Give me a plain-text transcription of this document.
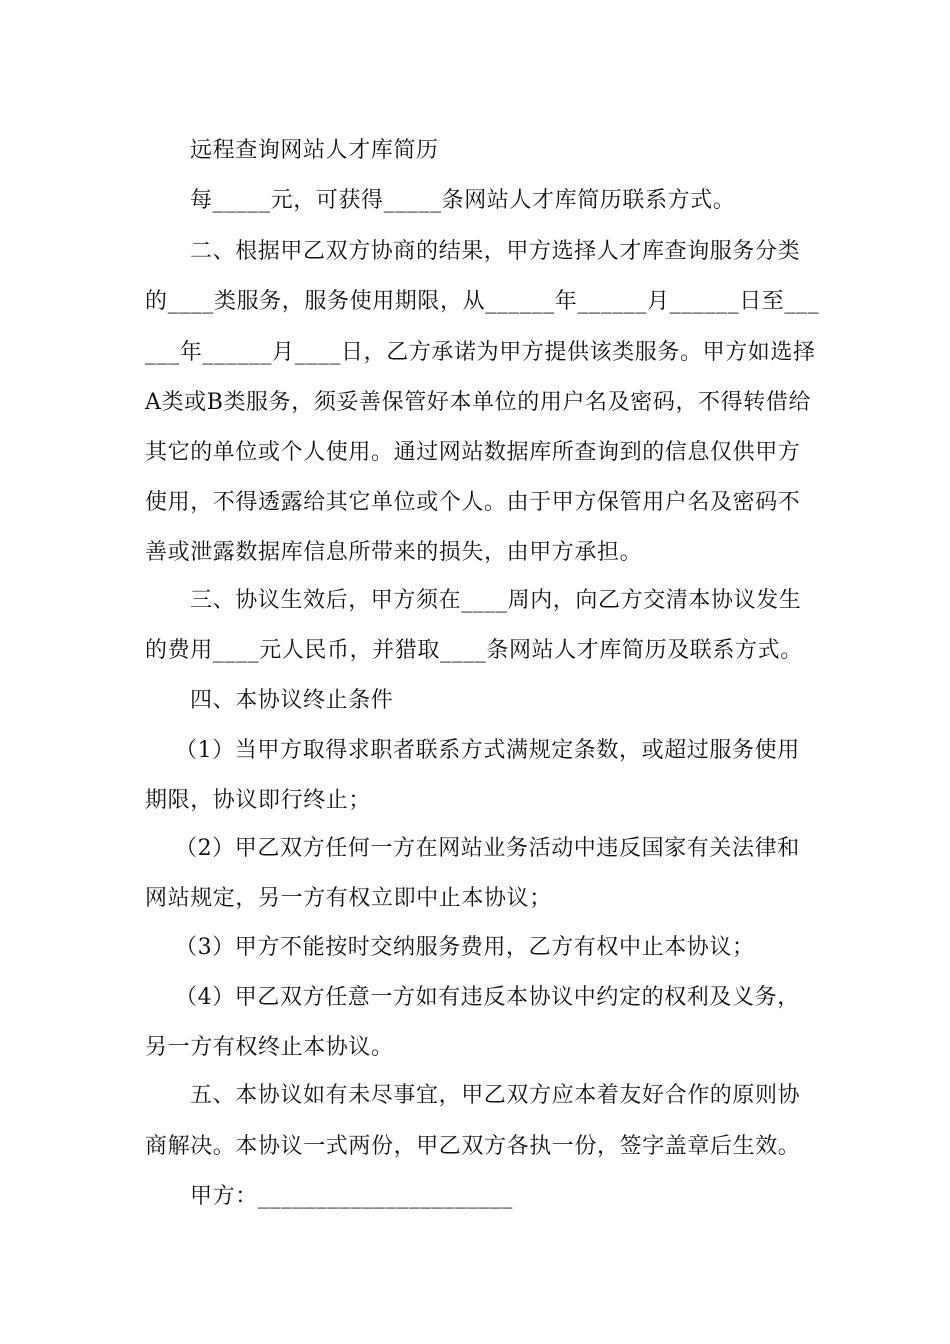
远程查询网站人才库简历
每_____元，可获得_____条网站人才库简历联系方式。
二、根据甲乙双方协商的结果，甲方选择人才库查询服务分类
的____类服务，服务使用期限，从______年______月______日至___
___年______月____日，乙方承诺为甲方提供该类服务。甲方如选择
A类或B类服务，须妥善保管好本单位的用户名及密码，不得转借给
其它的单位或个人使用。通过网站数据库所查询到的信息仅供甲方
使用，不得透露给其它单位或个人。由于甲方保管用户名及密码不
善或泄露数据库信息所带来的损失，由甲方承担。
三、协议生效后，甲方须在____周内，向乙方交清本协议发生
的费用____元人民币，并猎取____条网站人才库简历及联系方式。
四、本协议终止条件
（1）当甲方取得求职者联系方式满规定条数，或超过服务使用
期限，协议即行终止；
（2）甲乙双方任何一方在网站业务活动中违反国家有关法律和
网站规定，另一方有权立即中止本协议；
（3）甲方不能按时交纳服务费用，乙方有权中止本协议；
（4）甲乙双方任意一方如有违反本协议中约定的权利及义务，
另一方有权终止本协议。
五、本协议如有未尽事宜，甲乙双方应本着友好合作的原则协
商解决。本协议一式两份，甲乙双方各执一份，签字盖章后生效。
甲方：______________________
